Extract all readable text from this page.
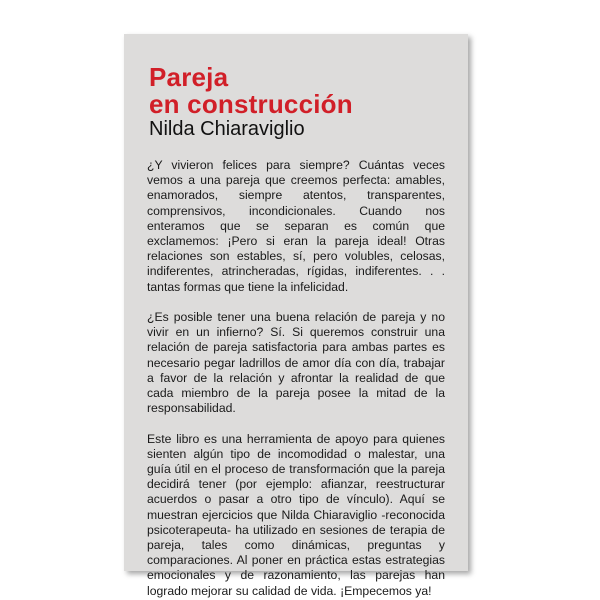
Pareja
en construcción
Nilda Chiaraviglio

¿Y vivieron felices para siempre? Cuántas veces vemos a una pareja que creemos perfecta: amables, enamorados, siempre atentos, transparentes, comprensivos, incondicionales. Cuando nos enteramos que se separan es común que exclamemos: ¡Pero si eran la pareja ideal! Otras relaciones son estables, sí, pero volubles, celosas, indiferentes, atrincheradas, rígidas, indiferentes. . . tantas formas que tiene la infelicidad.

¿Es posible tener una buena relación de pareja y no vivir en un infierno? Sí. Si queremos construir una relación de pareja satisfactoria para ambas partes es necesario pegar ladrillos de amor día con día, trabajar a favor de la relación y afrontar la realidad de que cada miembro de la pareja posee la mitad de la responsabilidad.

Este libro es una herramienta de apoyo para quienes sienten algún tipo de incomodidad o malestar, una guía útil en el proceso de transformación que la pareja decidirá tener (por ejemplo: afianzar, reestructurar acuerdos o pasar a otro tipo de vínculo). Aquí se muestran ejercicios que Nilda Chiaraviglio -reconocida psicoterapeuta- ha utilizado en sesiones de terapia de pareja, tales como dinámicas, preguntas y comparaciones. Al poner en práctica estas estrategias emocionales y de razonamiento, las parejas han logrado mejorar su calidad de vida. ¡Empecemos ya!
